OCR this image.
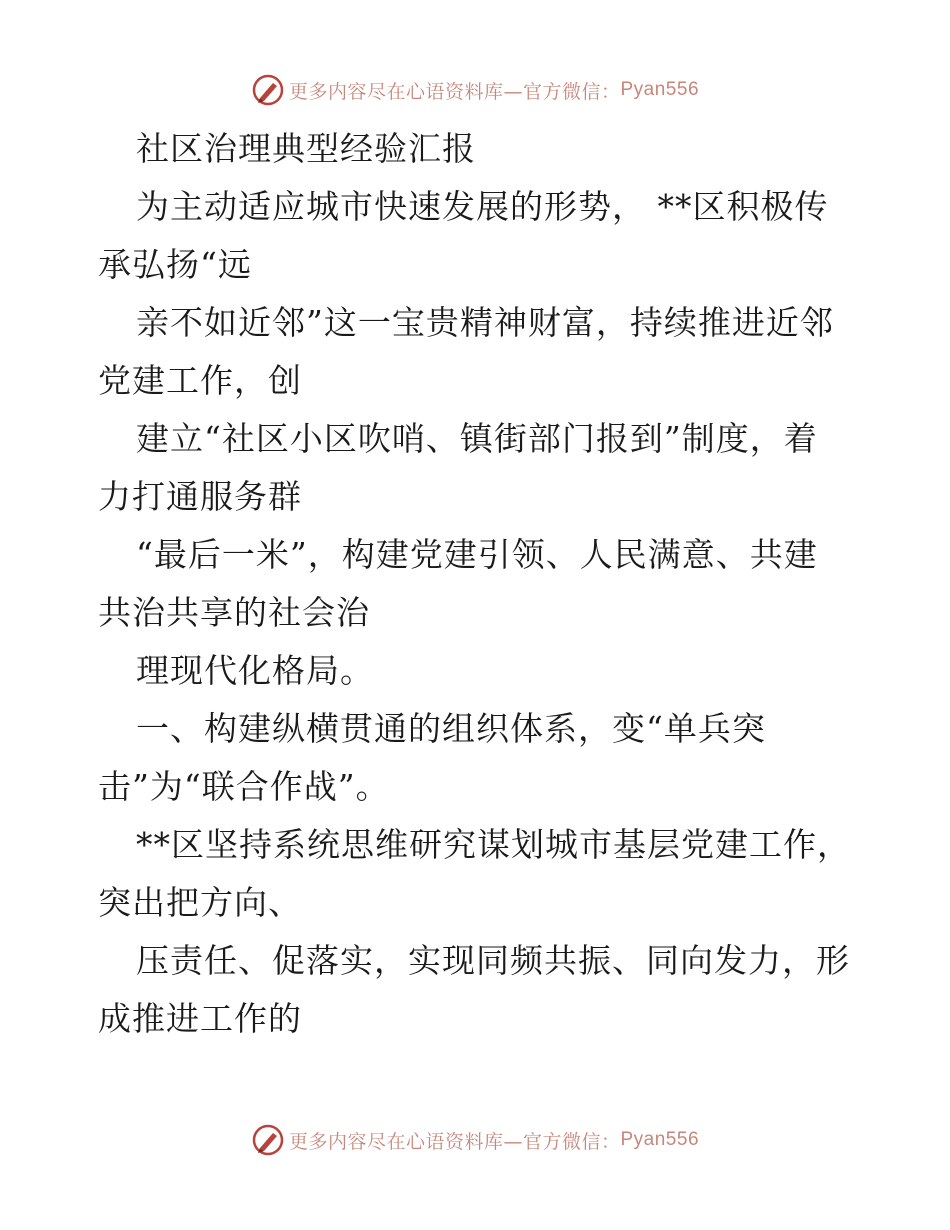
更多内容尽在心语资料库—官方微信： Pyan556
社区治理典型经验汇报
为主动适应城市快速发展的形势， **区积极传
承弘扬“远
亲不如近邻”这一宝贵精神财富，持续推进近邻
党建工作，创
建立“社区小区吹哨、镇街部门报到”制度，着
力打通服务群
“最后一米”，构建党建引领、人民满意、共建
共治共享的社会治
理现代化格局。
一、构建纵横贯通的组织体系，变“单兵突
击”为“联合作战”。
**区坚持系统思维研究谋划城市基层党建工作，
突出把方向、
压责任、促落实，实现同频共振、同向发力，形
成推进工作的
更多内容尽在心语资料库—官方微信： Pyan556
